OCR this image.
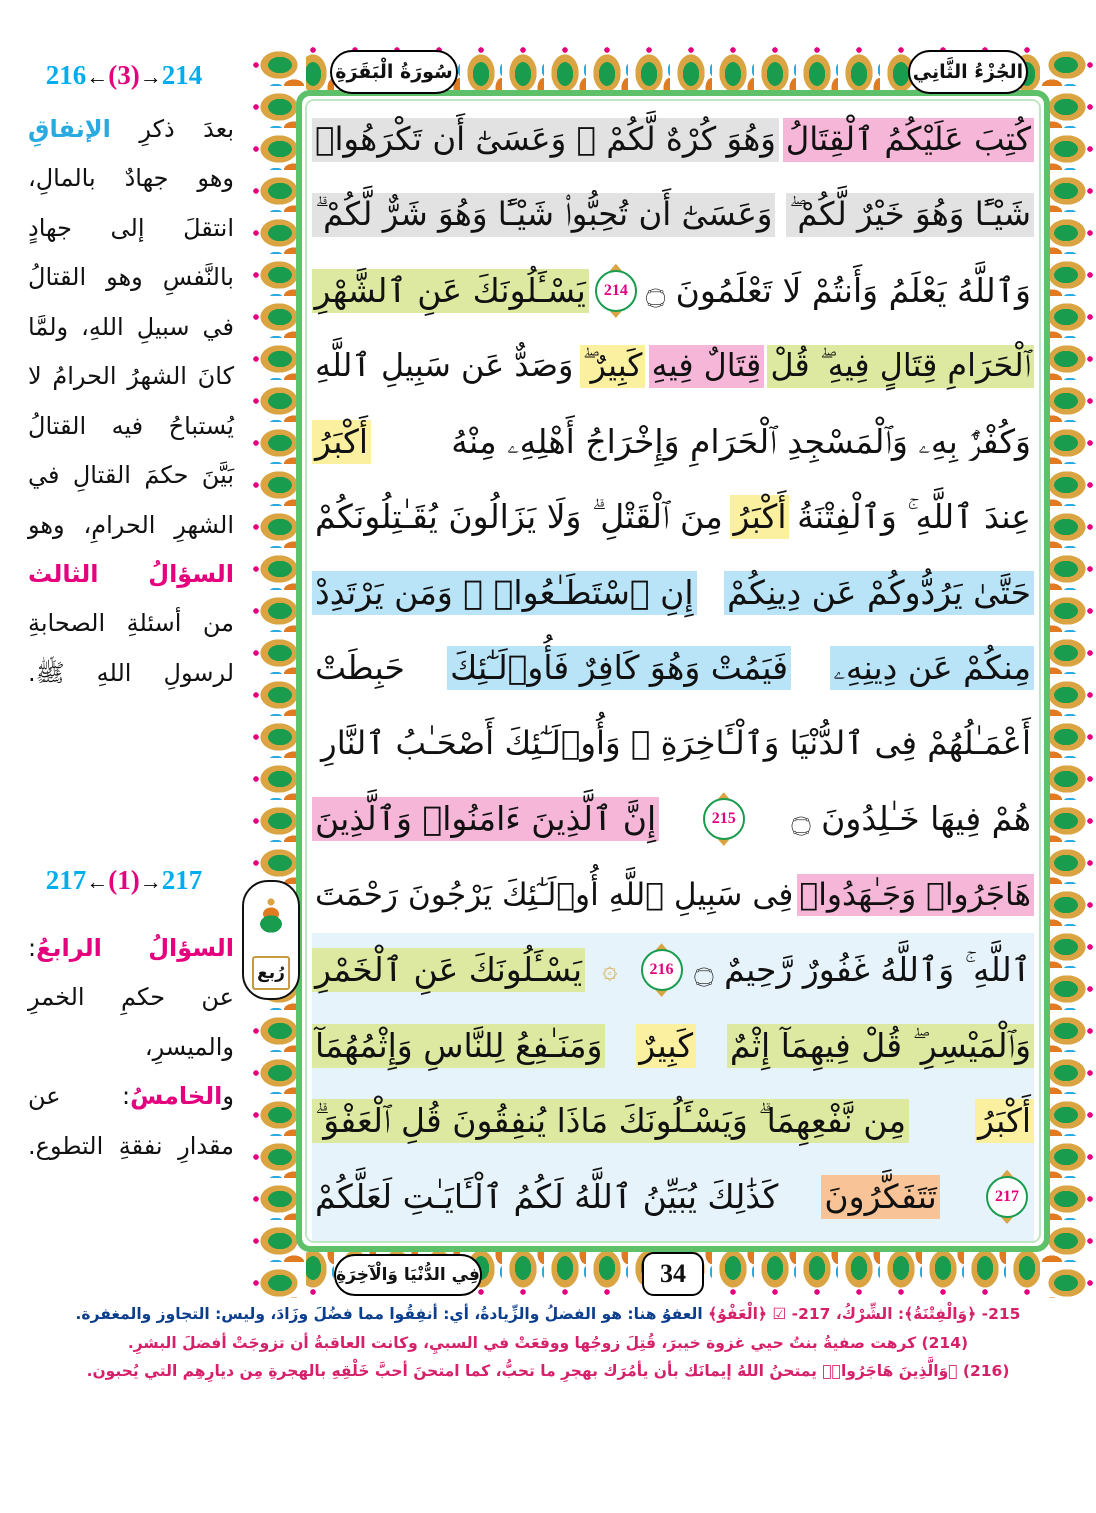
216←(3)→214
بعدَ ذكرِ الإنفاقِ وهو جهادٌ بالمالِ، انتقلَ إلى جهادٍ بالنَّفسِ وهو القتالُ في سبيلِ اللهِ، ولمَّا كانَ الشهرُ الحرامُ لا يُستباحُ فيه القتالُ بَيَّنَ حكمَ القتالِ في الشهرِ الحرامِ، وهو السؤالُ الثالث من أسئلةِ الصحابةِ لرسولِ اللهِ ﷺ.
217←(1)→217
السؤالُ الرابعُ: عن حكمِ الخمرِ والميسرِ، والخامسُ: عن مقدارِ نفقةِ التطوع.
سُورَةُ الْبَقَرَةِ	الجُزْءُ الثَّانِي
فِي الدُّنْيَا وَالْآخِرَةِ	34
رُبع
كُتِبَ عَلَيْكُمُ ٱلْقِتَالُ
وَهُوَ كُرْهٌ لَّكُمْ ۖ وَعَسَىٰٓ أَن تَكْرَهُوا۟
شَيْـًٔا وَهُوَ خَيْرٌ لَّكُمْ ۖ
وَعَسَىٰٓ أَن تُحِبُّوا۟ شَيْـًٔا وَهُوَ شَرٌّ لَّكُمْ ۗ
وَٱللَّهُ يَعْلَمُ وَأَنتُمْ لَا تَعْلَمُونَ ۝
214
يَسْـَٔلُونَكَ عَنِ ٱلشَّهْرِ
ٱلْحَرَامِ قِتَالٍ فِيهِ ۖ قُلْ
قِتَالٌ فِيهِ
كَبِيرٌ ۖ
وَصَدٌّ عَن سَبِيلِ ٱللَّهِ
وَكُفْرٌۢ بِهِۦ وَٱلْمَسْجِدِ ٱلْحَرَامِ وَإِخْرَاجُ أَهْلِهِۦ مِنْهُ
أَكْبَرُ
عِندَ ٱللَّهِ ۚ وَٱلْفِتْنَةُ
أَكْبَرُ
مِنَ ٱلْقَتْلِ ۗ وَلَا يَزَالُونَ يُقَـٰتِلُونَكُمْ
حَتَّىٰ يَرُدُّوكُمْ عَن دِينِكُمْ
إِنِ ٱسْتَطَـٰعُوا۟ ۚ وَمَن يَرْتَدِدْ
مِنكُمْ عَن دِينِهِۦ
فَيَمُتْ وَهُوَ كَافِرٌ فَأُو۟لَـٰٓئِكَ
حَبِطَتْ
أَعْمَـٰلُهُمْ فِى ٱلدُّنْيَا وَٱلْـَٔاخِرَةِ ۖ وَأُو۟لَـٰٓئِكَ أَصْحَـٰبُ ٱلنَّارِ
هُمْ فِيهَا خَـٰلِدُونَ ۝
215
إِنَّ ٱلَّذِينَ ءَامَنُوا۟ وَٱلَّذِينَ
هَاجَرُوا۟ وَجَـٰهَدُوا۟
فِى سَبِيلِ ٱللَّهِ أُو۟لَـٰٓئِكَ يَرْجُونَ رَحْمَتَ
ٱللَّهِ ۚ وَٱللَّهُ غَفُورٌ رَّحِيمٌ ۝
216
۞
يَسْـَٔلُونَكَ عَنِ ٱلْخَمْرِ
وَٱلْمَيْسِرِ ۖ قُلْ فِيهِمَآ إِثْمٌ
كَبِيرٌ
وَمَنَـٰفِعُ لِلنَّاسِ وَإِثْمُهُمَآ
أَكْبَرُ
مِن نَّفْعِهِمَا ۗ وَيَسْـَٔلُونَكَ مَاذَا يُنفِقُونَ قُلِ ٱلْعَفْوَ ۗ
217
تَتَفَكَّرُونَ
كَذَٰلِكَ يُبَيِّنُ ٱللَّهُ لَكُمُ ٱلْـَٔايَـٰتِ لَعَلَّكُمْ
215- ﴿وَالْفِتْنَةُ﴾: الشِّرْكُ، 217- ☑ ﴿الْعَفْوُ﴾ العفوُ هنا: هو الفضلُ والزِّيادةُ، أي: أنفِقُوا مما فضُلَ وزَادَ، وليس: التجاوز والمغفرة.
(214) كرهت صفيةُ بنتُ حيي غزوة خيبرَ، قُتِلَ زوجُها ووقعَتْ في السبيِ، وكانت العاقبةُ أن تزوجَتْ أفضلَ البشرِ.
(216) ﴿وَالَّذِينَ هَاجَرُوا۟﴾ يمتحنُ اللهُ إيمانَك بأن يأمُرَك بهجرِ ما تحبُّ، كما امتحنَ أحبَّ خَلْقِهِ بالهجرةِ مِن ديارِهِم التي يُحبون.
